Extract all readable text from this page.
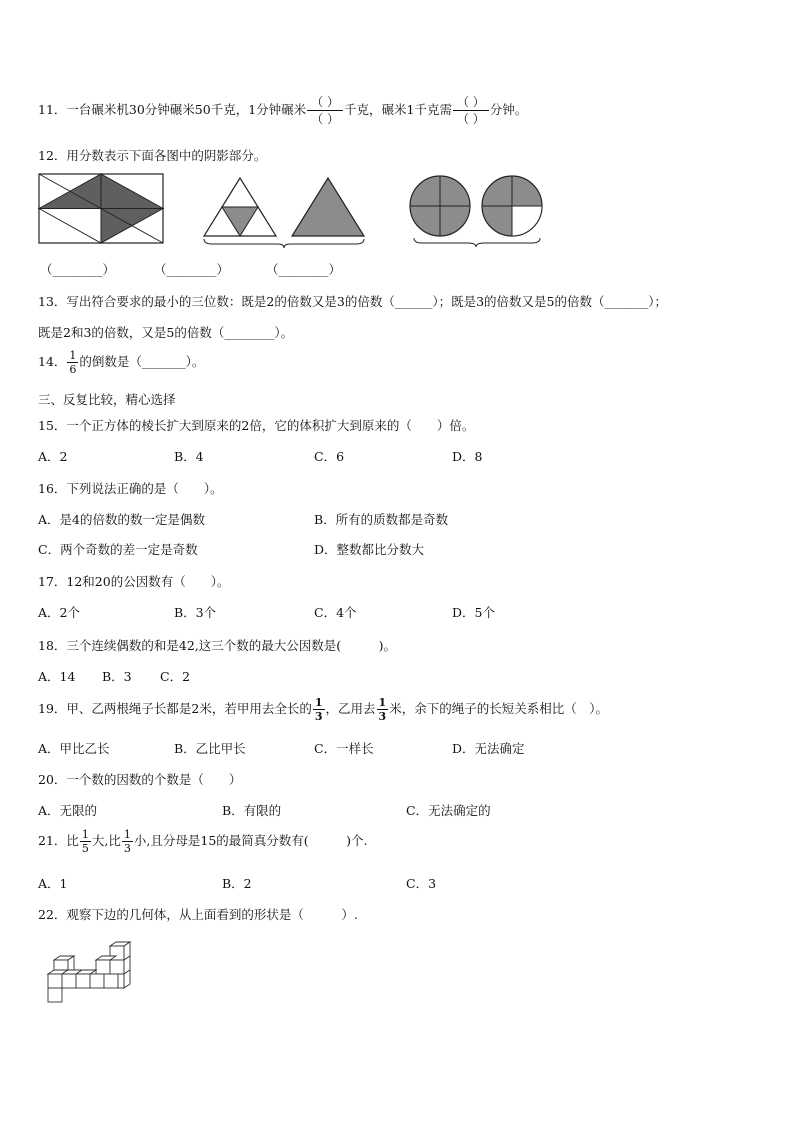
11．一台碾米机30分钟碾米50千克，1分钟碾米 $\frac{( )}{( )}$ 千克，碾米1千克需 $\frac{( )}{( )}$ 分钟。
12．用分数表示下面各图中的阴影部分。
（________）	（________）	（________）
13．写出符合要求的最小的三位数：既是2的倍数又是3的倍数（______）；既是3的倍数又是5的倍数（_______）；
既是2和3的倍数，又是5的倍数（________）。
14． $\frac{1}{6}$ 的倒数是（_______）。
三、反复比较，精心选择
15．一个正方体的棱长扩大到原来的2倍，它的体积扩大到原来的（　　）倍。
A．2	B．4	C．6	D．8
16．下列说法正确的是（　　）。
A．是4的倍数的数一定是偶数	B．所有的质数都是奇数
C．两个奇数的差一定是奇数	D．整数都比分数大
17．12和20的公因数有（　　）。
A．2个	B．3个	C．4个	D．5个
18．三个连续偶数的和是42,这三个数的最大公因数是(　　　)。
A．14 B．3 C．2
19．甲、乙两根绳子长都是2米，若甲用去全长的 $\frac{1}{3}$ ，乙用去 $\frac{1}{3}$ 米，余下的绳子的长短关系相比（　）。
A．甲比乙长	B．乙比甲长	C．一样长	D．无法确定
20．一个数的因数的个数是（　　）
A．无限的	B．有限的	C．无法确定的
21．比 $\frac{1}{5}$ 大,比 $\frac{1}{3}$ 小,且分母是15的最简真分数有(　　　)个.
A．1	B．2	C．3
22．观察下边的几何体，从上面看到的形状是（　　　）.
